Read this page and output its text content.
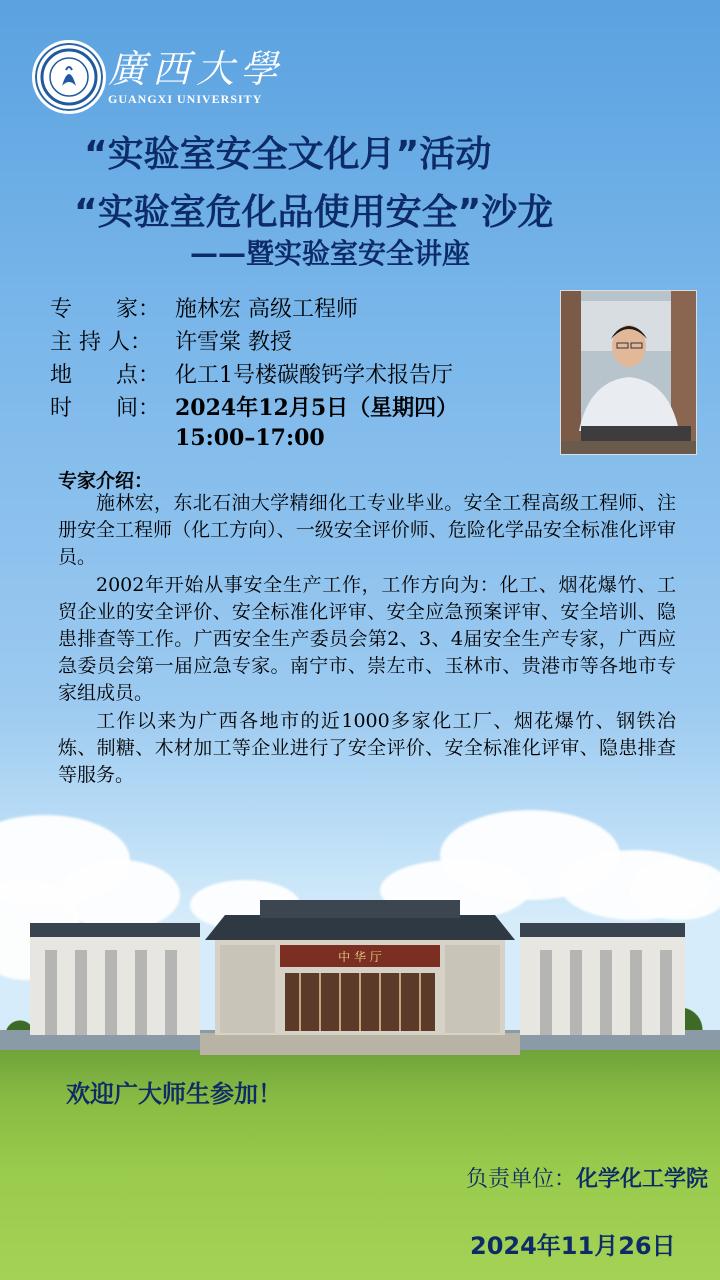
中 华 厅
廣西大學
GUANGXI UNIVERSITY
“实验室安全文化月”活动
“实验室危化品使用安全”沙龙
——暨实验室安全讲座
专　　家： 施林宏 高级工程师
主 持 人： 许雪棠 教授
地　　点： 化工1号楼碳酸钙学术报告厅
时　　间： 2024年12月5日（星期四）
15:00–17:00
专家介绍：

施林宏，东北石油大学精细化工专业毕业。安全工程高级工程师、注册安全工程师（化工方向）、一级安全评价师、危险化学品安全标准化评审员。

2002年开始从事安全生产工作，工作方向为：化工、烟花爆竹、工贸企业的安全评价、安全标准化评审、安全应急预案评审、安全培训、隐患排查等工作。广西安全生产委员会第2、3、4届安全生产专家，广西应急委员会第一届应急专家。南宁市、崇左市、玉林市、贵港市等各地市专家组成员。

工作以来为广西各地市的近1000多家化工厂、烟花爆竹、钢铁冶炼、制糖、木材加工等企业进行了安全评价、安全标准化评审、隐患排查等服务。

欢迎广大师生参加！
负责单位：化学化工学院
2024年11月26日
